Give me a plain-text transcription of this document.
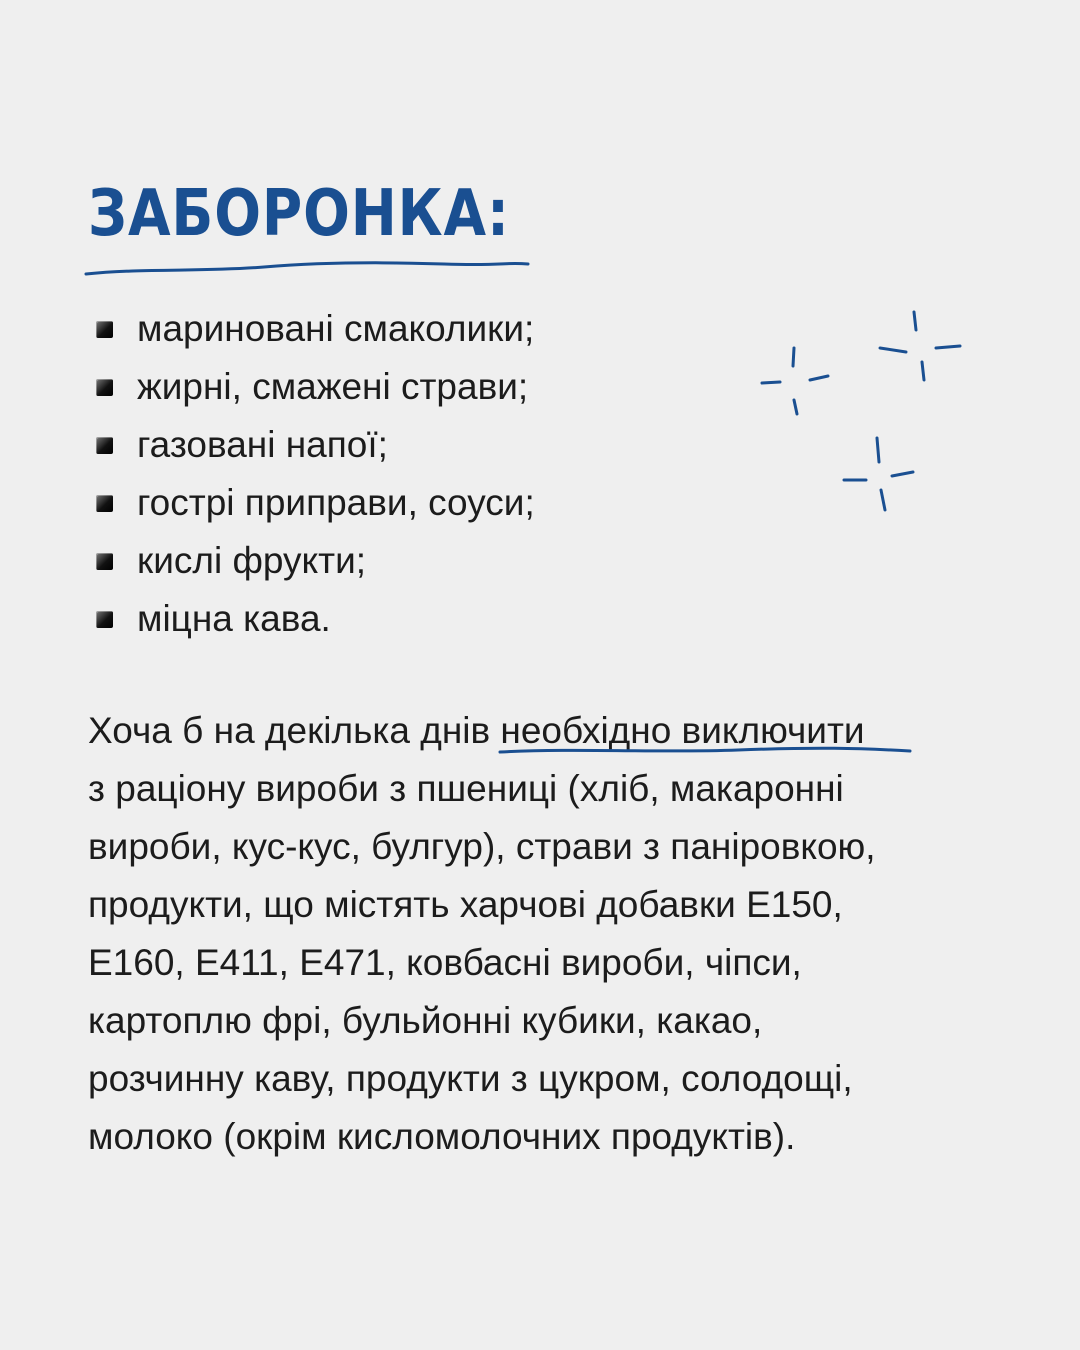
ЗАБОРОНКА:
мариновані смаколики;
жирні, смажені страви;
газовані напої;
гострі приправи, соуси;
кислі фрукти;
міцна кава.

Хоча б на декілька днів необхідно виключити
з раціону вироби з пшениці (хліб, макаронні
вироби, кус-кус, булгур), страви з паніровкою,
продукти, що містять харчові добавки Е150,
Е160, Е411, Е471, ковбасні вироби, чіпси,
картоплю фрі, бульйонні кубики, какао,
розчинну каву, продукти з цукром, солодощі,
молоко (окрім кисломолочних продуктів).
